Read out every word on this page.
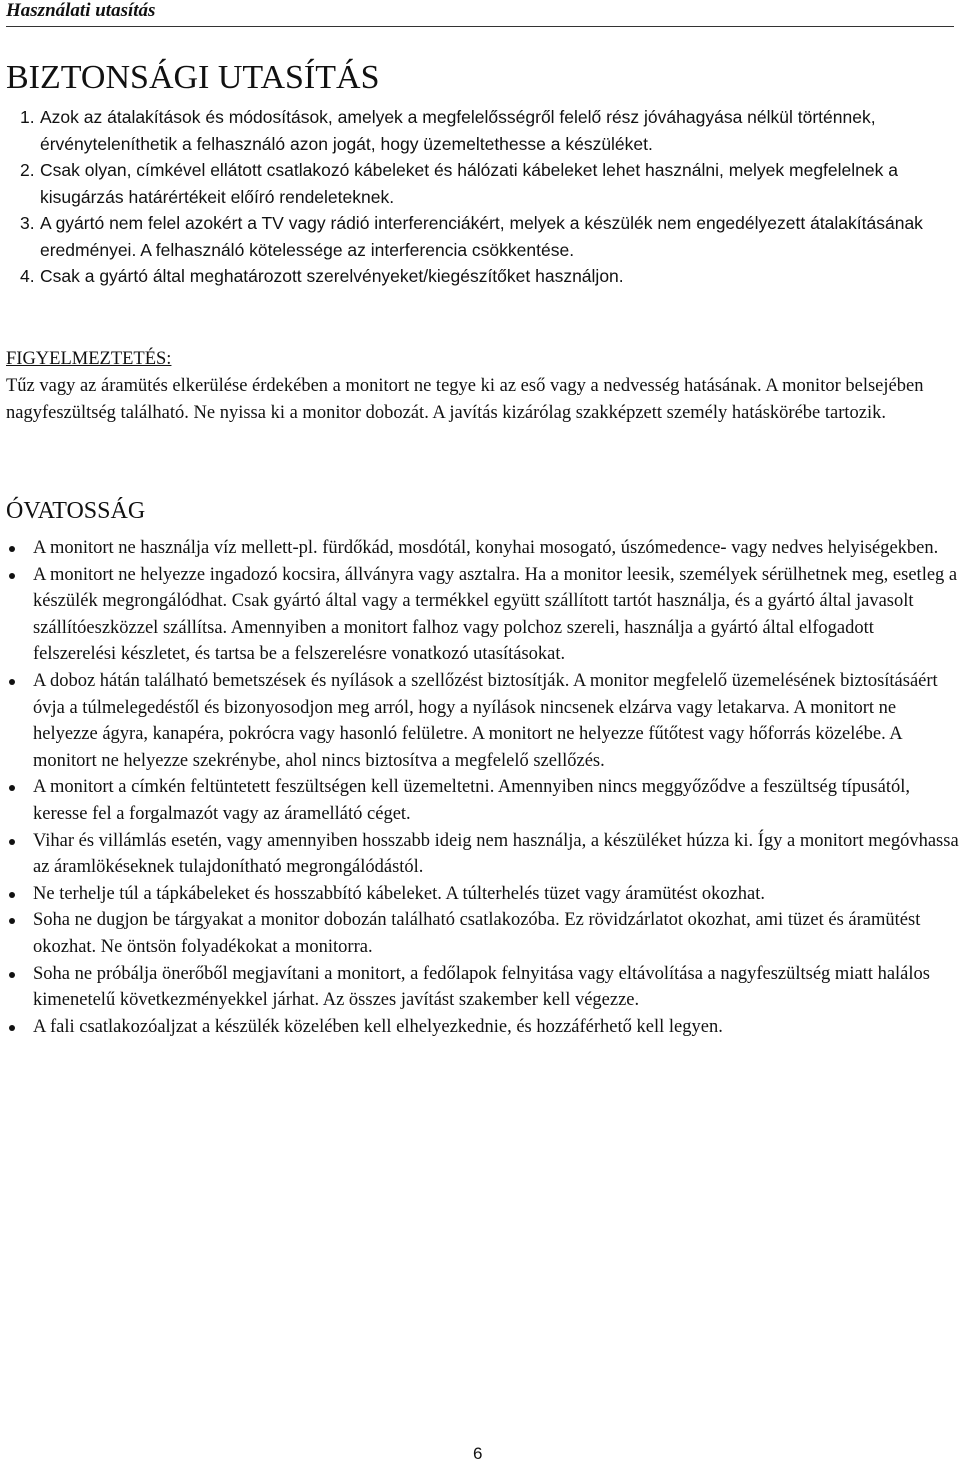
Használati utasítás
BIZTONSÁGI UTASÍTÁS
1. Azok az átalakítások és módosítások, amelyek a megfelelősségről felelő rész jóváhagyása nélkül történnek, érvényteleníthetik a felhasználó azon jogát, hogy üzemeltethesse a készüléket.
2. Csak olyan, címkével ellátott csatlakozó kábeleket és hálózati kábeleket lehet használni, melyek megfelelnek a kisugárzás határértékeit előíró rendeleteknek.
3. A gyártó nem felel azokért a TV vagy rádió interferenciákért, melyek a készülék nem engedélyezett átalakításának eredményei. A felhasználó kötelessége az interferencia csökkentése.
4. Csak a gyártó által meghatározott szerelvényeket/kiegészítőket használjon.
FIGYELMEZTETÉS:
Tűz vagy az áramütés elkerülése érdekében a monitort ne tegye ki az eső vagy a nedvesség hatásának. A monitor belsejében nagyfeszültség található. Ne nyissa ki a monitor dobozát. A javítás kizárólag szakképzett személy hatáskörébe tartozik.
ÓVATOSSÁG
A monitort ne használja víz mellett-pl. fürdőkád, mosdótál, konyhai mosogató, úszómedence- vagy nedves helyiségekben.
A monitort ne helyezze ingadozó kocsira, állványra vagy asztalra. Ha a monitor leesik, személyek sérülhetnek meg, esetleg a készülék megrongálódhat. Csak gyártó által vagy a termékkel együtt szállított tartót használja, és a gyártó által javasolt szállítóeszközzel szállítsa. Amennyiben a monitort falhoz vagy polchoz szereli, használja a gyártó által elfogadott felszerelési készletet, és tartsa be a felszerelésre vonatkozó utasításokat.
A doboz hátán található bemetszések és nyílások a szellőzést biztosítják. A monitor megfelelő üzemelésének biztosításáért óvja a túlmelegedéstől és bizonyosodjon meg arról, hogy a nyílások nincsenek elzárva vagy letakarva. A monitort ne helyezze ágyra, kanapéra, pokrócra vagy hasonló felületre. A monitort ne helyezze fűtőtest vagy hőforrás közelébe. A monitort ne helyezze szekrénybe, ahol nincs biztosítva a megfelelő szellőzés.
A monitort a címkén feltüntetett feszültségen kell üzemeltetni. Amennyiben nincs meggyőződve a feszültség típusától, keresse fel a forgalmazót vagy az áramellátó céget.
Vihar és villámlás esetén, vagy amennyiben hosszabb ideig nem használja, a készüléket húzza ki. Így a monitort megóvhassa az áramlökéseknek tulajdonítható megrongálódástól.
Ne terhelje túl a tápkábeleket és hosszabbító kábeleket. A túlterhelés tüzet vagy áramütést okozhat.
Soha ne dugjon be tárgyakat a monitor dobozán található csatlakozóba. Ez rövidzárlatot okozhat, ami tüzet és áramütést okozhat. Ne öntsön folyadékokat a monitorra.
Soha ne próbálja önerőből megjavítani a monitort, a fedőlapok felnyitása vagy eltávolítása a nagyfeszültség miatt halálos kimenetelű következményekkel járhat. Az összes javítást szakember kell végezze.
A fali csatlakozóaljzat a készülék közelében kell elhelyezkednie, és hozzáférhető kell legyen.
6
